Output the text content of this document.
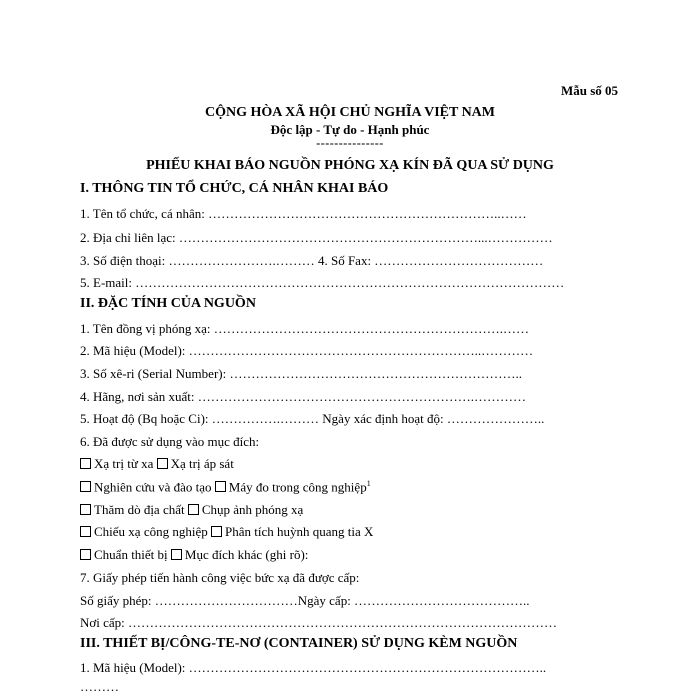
Mẫu số 05
CỘNG HÒA XÃ HỘI CHỦ NGHĨA VIỆT NAM
Độc lập - Tự do - Hạnh phúc
---------------
PHIẾU KHAI BÁO NGUỒN PHÓNG XẠ KÍN ĐÃ QUA SỬ DỤNG
I. THÔNG TIN TỔ CHỨC, CÁ NHÂN KHAI BÁO
1. Tên tổ chức, cá nhân: …………………………………………………………..……
2. Địa chỉ liên lạc: ……………………………………………………………...……………
3. Số điện thoại: …………………….……… 4. Số Fax: …………………………………
5. E-mail: ………………………………………………………………………………………
II. ĐẶC TÍNH CỦA NGUỒN
1. Tên đồng vị phóng xạ: ………………………………………………………….……
2. Mã hiệu (Model): …………………………………………………………..…………
3. Số xê-ri (Serial Number): …………………………………………………………..
4. Hãng, nơi sản xuất: ……………………………………………………….…………
5. Hoạt độ (Bq hoặc Ci): …………….……… Ngày xác định hoạt độ: …………………..
6. Đã được sử dụng vào mục đích:
Xạ trị từ xa Xạ trị áp sát
Nghiên cứu và đào tạo Máy đo trong công nghiệp$^1$
Thăm dò địa chất Chụp ảnh phóng xạ
Chiếu xạ công nghiệp Phân tích huỳnh quang tia X
Chuẩn thiết bị Mục đích khác (ghi rõ):
7. Giấy phép tiến hành công việc bức xạ đã được cấp:
Số giấy phép: ……………………………Ngày cấp: …………………………………..
Nơi cấp: ………………………………………………………………………………………
III. THIẾT BỊ/CÔNG-TE-NƠ (CONTAINER) SỬ DỤNG KÈM NGUỒN
1. Mã hiệu (Model): ………………………………………………………………………..
………
